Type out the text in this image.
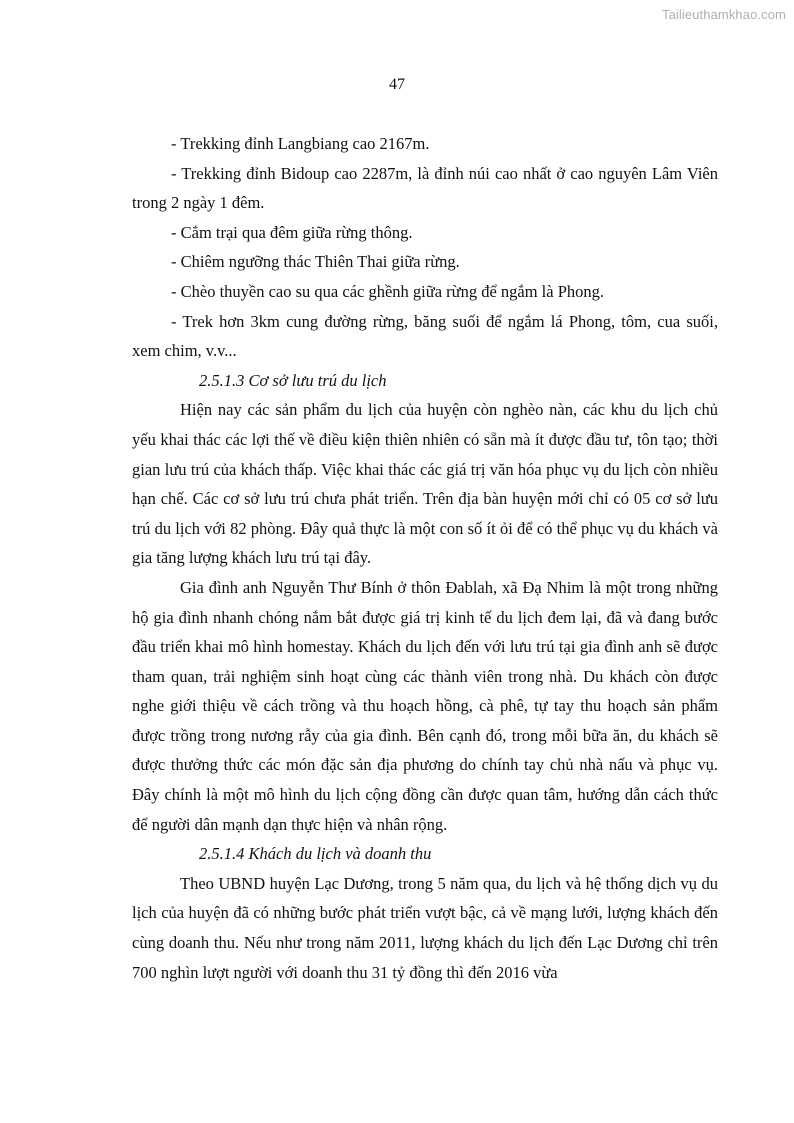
Tailieuthamkhao.com
47

- Trekking đỉnh Langbiang cao 2167m.

- Trekking đỉnh Bidoup cao 2287m, là đỉnh núi cao nhất ở cao nguyên Lâm Viên trong 2 ngày 1 đêm.

- Cắm trại qua đêm giữa rừng thông.

- Chiêm ngưỡng thác Thiên Thai giữa rừng.

- Chèo thuyền cao su qua các ghềnh giữa rừng để ngắm là Phong.

- Trek hơn 3km cung đường rừng, băng suối để ngắm lá Phong, tôm, cua suối, xem chim, v.v...

2.5.1.3 Cơ sở lưu trú du lịch

Hiện nay các sản phẩm du lịch của huyện còn nghèo nàn, các khu du lịch chủ yếu khai thác các lợi thế về điều kiện thiên nhiên có sẵn mà ít được đầu tư, tôn tạo; thời gian lưu trú của khách thấp. Việc khai thác các giá trị văn hóa phục vụ du lịch còn nhiều hạn chế. Các cơ sở lưu trú chưa phát triển. Trên địa bàn huyện mới chỉ có 05 cơ sở lưu trú du lịch với 82 phòng. Đây quả thực là một con số ít ỏi để có thể phục vụ du khách và gia tăng lượng khách lưu trú tại đây.

Gia đình anh Nguyễn Thư Bính ở thôn Đablah, xã Đạ Nhim là một trong những hộ gia đình nhanh chóng nắm bắt được giá trị kinh tế du lịch đem lại, đã và đang bước đầu triển khai mô hình homestay. Khách du lịch đến với lưu trú tại gia đình anh sẽ được tham quan, trải nghiệm sinh hoạt cùng các thành viên trong nhà. Du khách còn được nghe giới thiệu về cách trồng và thu hoạch hồng, cà phê, tự tay thu hoạch sản phẩm được trồng trong nương rẫy của gia đình. Bên cạnh đó, trong mỗi bữa ăn, du khách sẽ được thưởng thức các món đặc sản địa phương do chính tay chủ nhà nấu và phục vụ. Đây chính là một mô hình du lịch cộng đồng cần được quan tâm, hướng dẫn cách thức để người dân mạnh dạn thực hiện và nhân rộng.

2.5.1.4 Khách du lịch và doanh thu

Theo UBND huyện Lạc Dương, trong 5 năm qua, du lịch và hệ thống dịch vụ du lịch của huyện đã có những bước phát triển vượt bậc, cả về mạng lưới, lượng khách đến cùng doanh thu. Nếu như trong năm 2011, lượng khách du lịch đến Lạc Dương chỉ trên 700 nghìn lượt người với doanh thu 31 tỷ đồng thì đến 2016 vừa
